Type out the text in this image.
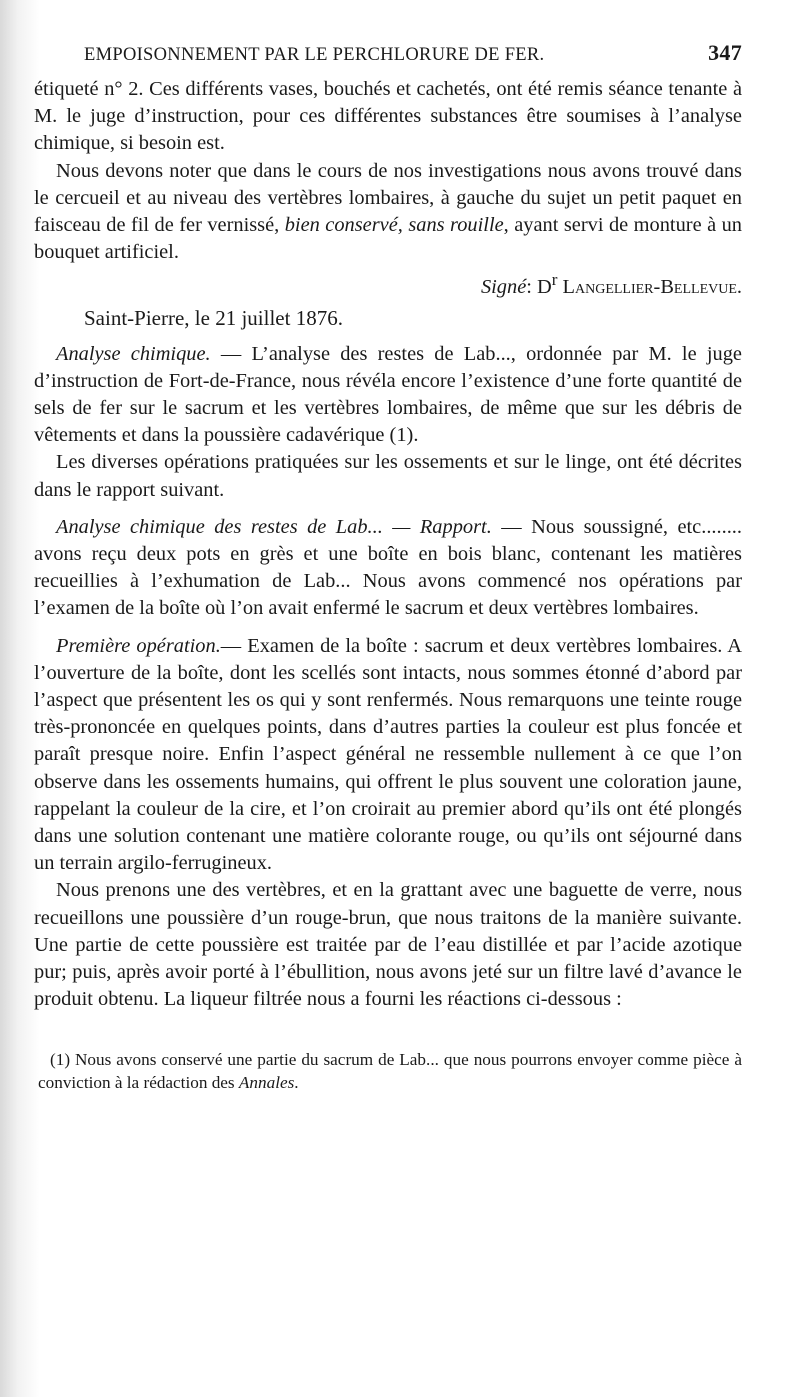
EMPOISONNEMENT PAR LE PERCHLORURE DE FER.	347

étiqueté n° 2. Ces différents vases, bouchés et cachetés, ont été remis séance tenante à M. le juge d’instruction, pour ces différentes substances être soumises à l’analyse chimique, si besoin est.

Nous devons noter que dans le cours de nos investigations nous avons trouvé dans le cercueil et au niveau des vertèbres lombaires, à gauche du sujet un petit paquet en faisceau de fil de fer vernissé, bien conservé, sans rouille, ayant servi de monture à un bouquet artificiel.

Signé: $D^r$ Langellier-Bellevue.

Saint-Pierre, le 21 juillet 1876.

Analyse chimique. — L’analyse des restes de Lab..., ordonnée par M. le juge d’instruction de Fort-de-France, nous révéla encore l’existence d’une forte quantité de sels de fer sur le sacrum et les vertèbres lombaires, de même que sur les débris de vêtements et dans la poussière cadavérique (1).

Les diverses opérations pratiquées sur les ossements et sur le linge, ont été décrites dans le rapport suivant.

Analyse chimique des restes de Lab... — Rapport. — Nous soussigné, etc........ avons reçu deux pots en grès et une boîte en bois blanc, contenant les matières recueillies à l’exhumation de Lab... Nous avons commencé nos opérations par l’examen de la boîte où l’on avait enfermé le sacrum et deux vertèbres lombaires.

Première opération.— Examen de la boîte : sacrum et deux vertèbres lombaires. A l’ouverture de la boîte, dont les scellés sont intacts, nous sommes étonné d’abord par l’aspect que présentent les os qui y sont renfermés. Nous remarquons une teinte rouge très-prononcée en quelques points, dans d’autres parties la couleur est plus foncée et paraît presque noire. Enfin l’aspect général ne ressemble nullement à ce que l’on observe dans les ossements humains, qui offrent le plus souvent une coloration jaune, rappelant la couleur de la cire, et l’on croirait au premier abord qu’ils ont été plongés dans une solution contenant une matière colorante rouge, ou qu’ils ont séjourné dans un terrain argilo-ferrugineux.

Nous prenons une des vertèbres, et en la grattant avec une baguette de verre, nous recueillons une poussière d’un rouge-brun, que nous traitons de la manière suivante. Une partie de cette poussière est traitée par de l’eau distillée et par l’acide azotique pur; puis, après avoir porté à l’ébullition, nous avons jeté sur un filtre lavé d’avance le produit obtenu. La liqueur filtrée nous a fourni les réactions ci-dessous :

(1) Nous avons conservé une partie du sacrum de Lab... que nous pourrons envoyer comme pièce à conviction à la rédaction des Annales.
